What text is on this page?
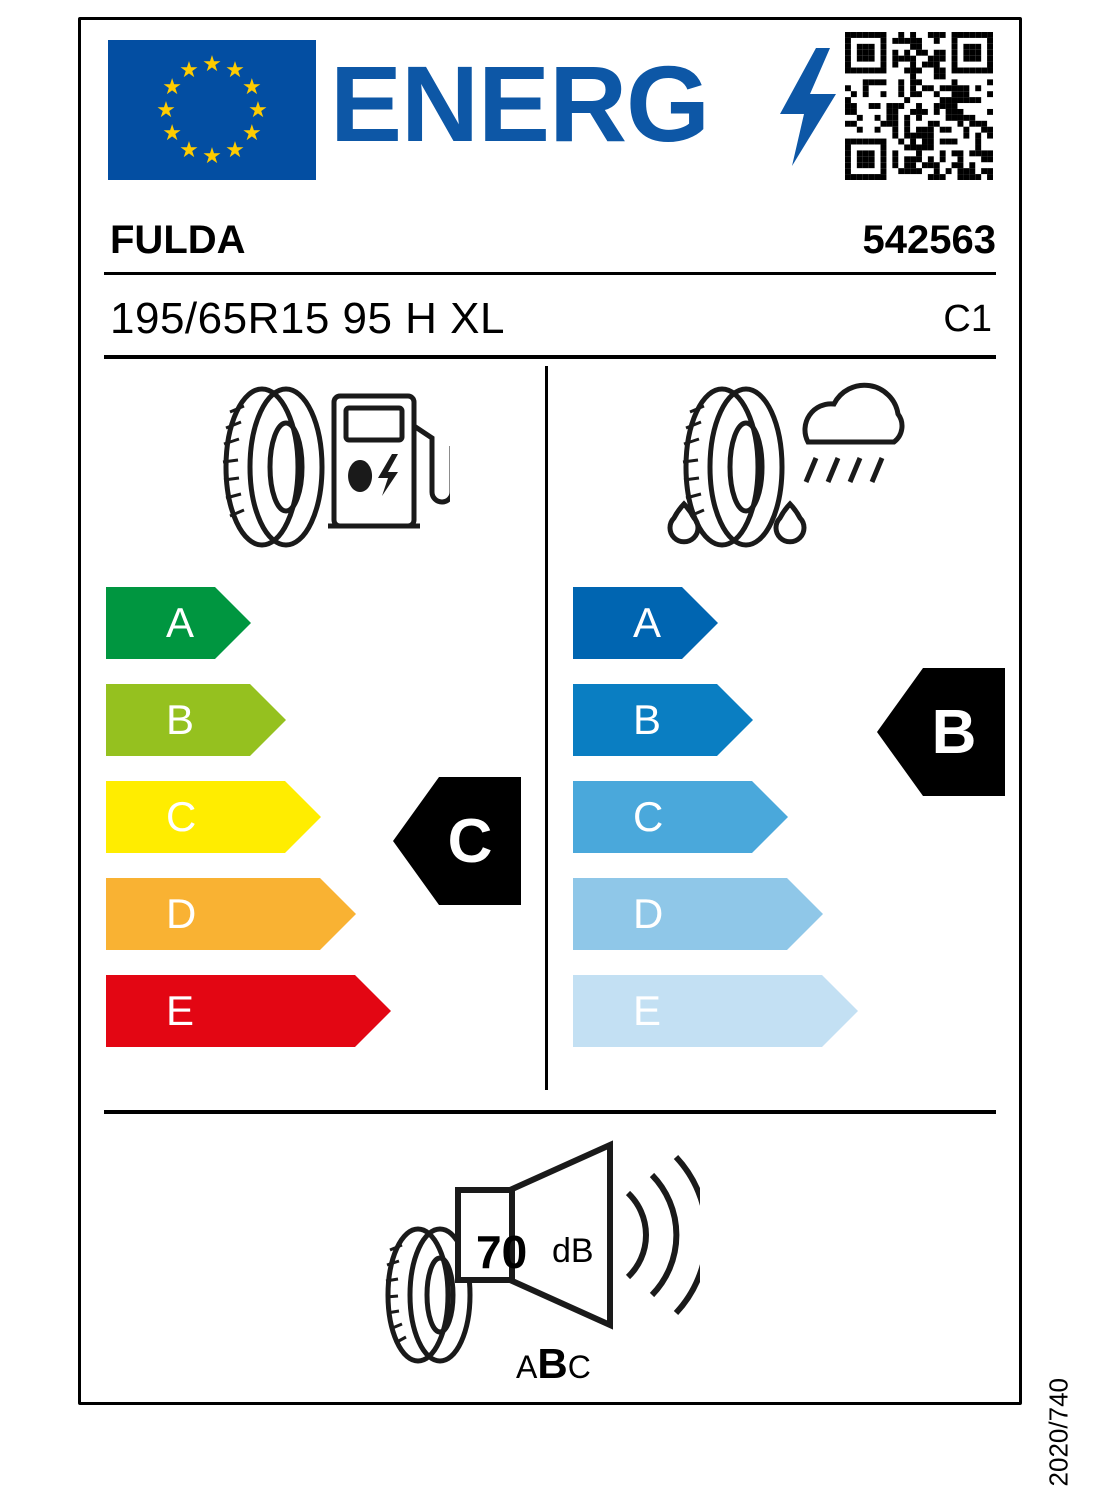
★ ★
★
★
★
★
★
★
★
★
★
★ ENERG
FULDA	542563
195/65R15 95 H XL	C1
A
B
C
D
E
C
A
B
C
D
E
B
70 dB
ABC
2020/740
